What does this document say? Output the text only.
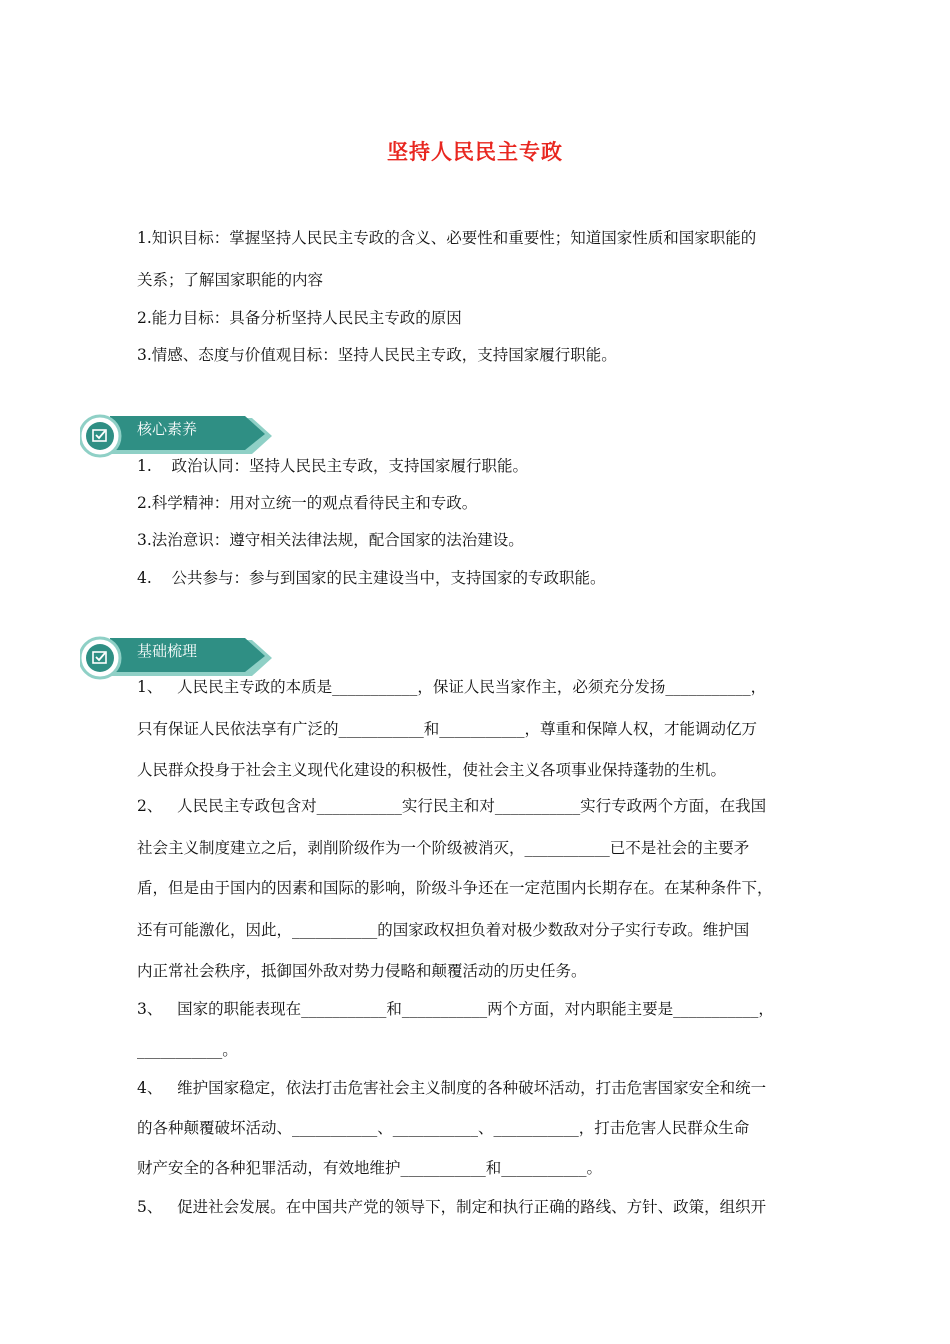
坚持人民民主专政
1.知识目标：掌握坚持人民民主专政的含义、必要性和重要性；知道国家性质和国家职能的
关系；了解国家职能的内容
2.能力目标：具备分析坚持人民民主专政的原因
3.情感、态度与价值观目标：坚持人民民主专政，支持国家履行职能。
核心素养
1.    政治认同：坚持人民民主专政，支持国家履行职能。
2.科学精神：用对立统一的观点看待民主和专政。
3.法治意识：遵守相关法律法规，配合国家的法治建设。
4.    公共参与：参与到国家的民主建设当中，支持国家的专政职能。
基础梳理
1、   人民民主专政的本质是___________，保证人民当家作主，必须充分发扬___________，
只有保证人民依法享有广泛的___________和___________，尊重和保障人权，才能调动亿万
人民群众投身于社会主义现代化建设的积极性，使社会主义各项事业保持蓬勃的生机。
2、   人民民主专政包含对___________实行民主和对___________实行专政两个方面，在我国
社会主义制度建立之后，剥削阶级作为一个阶级被消灭，___________已不是社会的主要矛
盾，但是由于国内的因素和国际的影响，阶级斗争还在一定范围内长期存在。在某种条件下，
还有可能激化，因此，___________的国家政权担负着对极少数敌对分子实行专政。维护国
内正常社会秩序，抵御国外敌对势力侵略和颠覆活动的历史任务。
3、   国家的职能表现在___________和___________两个方面，对内职能主要是___________，
___________。
4、   维护国家稳定，依法打击危害社会主义制度的各种破坏活动，打击危害国家安全和统一
的各种颠覆破坏活动、___________、___________、___________，打击危害人民群众生命
财产安全的各种犯罪活动，有效地维护___________和___________。
5、   促进社会发展。在中国共产党的领导下，制定和执行正确的路线、方针、政策，组织开
